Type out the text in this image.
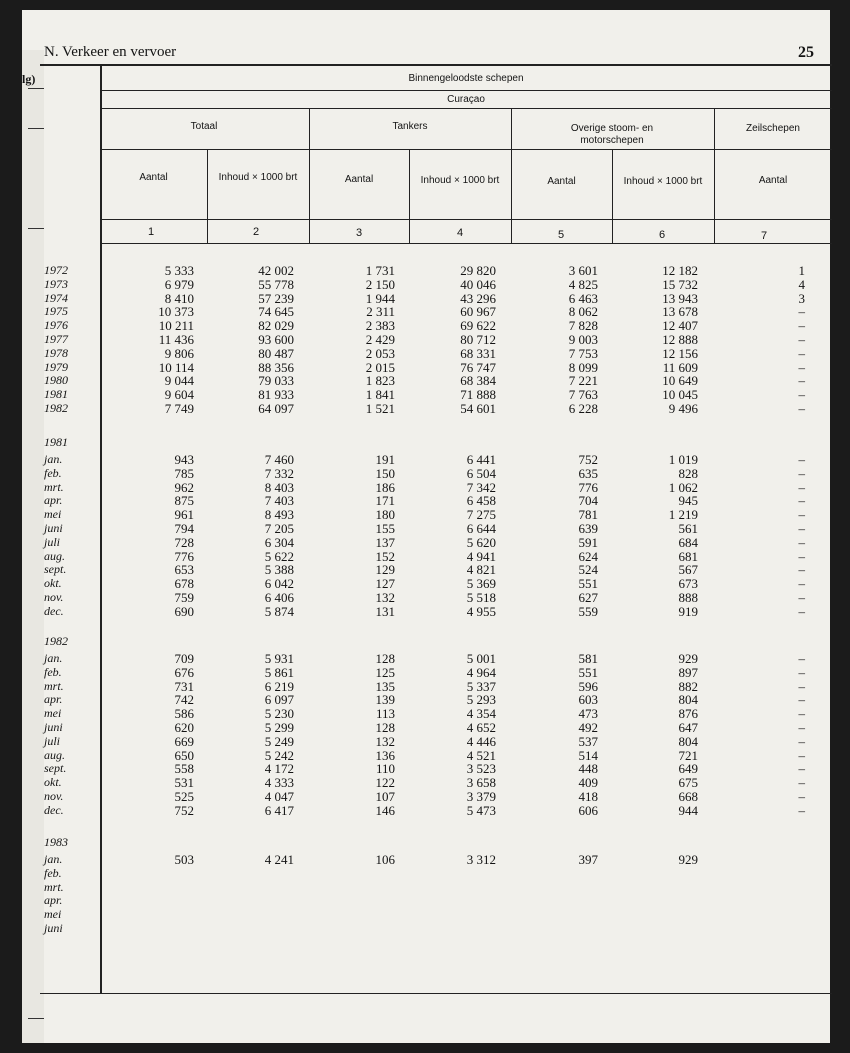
lg)
N. Verkeer en vervoer	25
Binnengeloodste schepen
Curaçao
Totaal	Tankers	Overige stoom- en motorschepen
Zeilschepen
Aantal	Inhoud × 1000 brt	Aantal	Inhoud × 1000 brt	Aantal	Inhoud × 1000 brt	Aantal
1	2	3	4	5	6	7
1972	5 333	42 002	1 731	29 820	3 601	12 182	1
1973	6 979	55 778	2 150	40 046	4 825	15 732	4
1974	8 410	57 239	1 944	43 296	6 463	13 943	3
1975	10 373	74 645	2 311	60 967	8 062	13 678	–
1976	10 211	82 029	2 383	69 622	7 828	12 407	–
1977	11 436	93 600	2 429	80 712	9 003	12 888	–
1978	9 806	80 487	2 053	68 331	7 753	12 156	–
1979	10 114	88 356	2 015	76 747	8 099	11 609	–
1980	9 044	79 033	1 823	68 384	7 221	10 649	–
1981	9 604	81 933	1 841	71 888	7 763	10 045	–
1982	7 749	64 097	1 521	54 601	6 228	9 496	–
1981
jan.	943	7 460	191	6 441	752	1 019	–
feb.	785	7 332	150	6 504	635	828	–
mrt.	962	8 403	186	7 342	776	1 062	–
apr.	875	7 403	171	6 458	704	945	–
mei	961	8 493	180	7 275	781	1 219	–
juni	794	7 205	155	6 644	639	561	–
juli	728	6 304	137	5 620	591	684	–
aug.	776	5 622	152	4 941	624	681	–
sept.	653	5 388	129	4 821	524	567	–
okt.	678	6 042	127	5 369	551	673	–
nov.	759	6 406	132	5 518	627	888	–
dec.	690	5 874	131	4 955	559	919	–
1982
jan.	709	5 931	128	5 001	581	929	–
feb.	676	5 861	125	4 964	551	897	–
mrt.	731	6 219	135	5 337	596	882	–
apr.	742	6 097	139	5 293	603	804	–
mei	586	5 230	113	4 354	473	876	–
juni	620	5 299	128	4 652	492	647	–
juli	669	5 249	132	4 446	537	804	–
aug.	650	5 242	136	4 521	514	721	–
sept.	558	4 172	110	3 523	448	649	–
okt.	531	4 333	122	3 658	409	675	–
nov.	525	4 047	107	3 379	418	668	–
dec.	752	6 417	146	5 473	606	944	–
1983
jan.	503	4 241	106	3 312	397	929
feb.
mrt.
apr.
mei
juni
